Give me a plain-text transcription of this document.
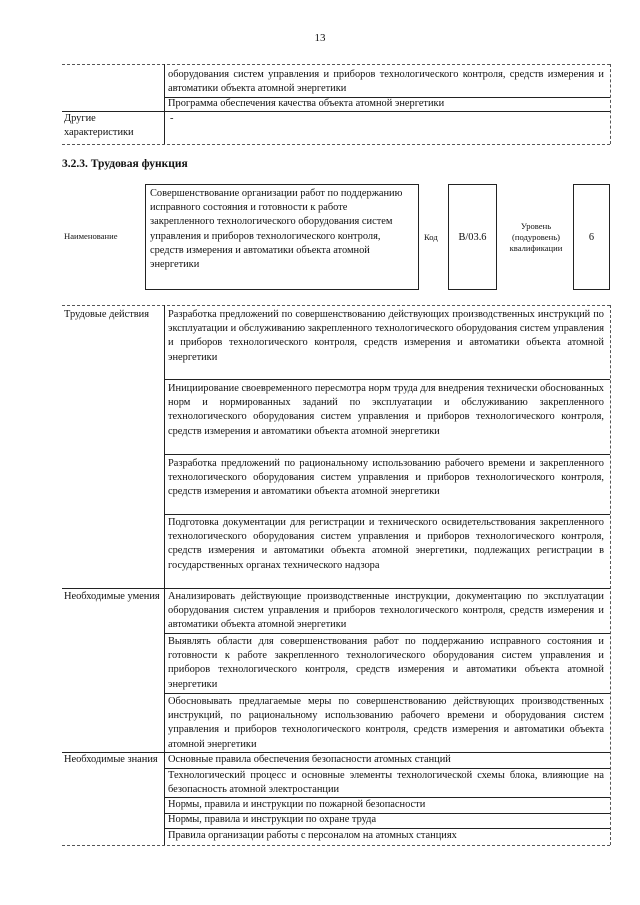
13
оборудования систем управления и приборов технологического контроля, средств измерения и автоматики объекта атомной энергетики
Программа обеспечения качества объекта атомной энергетики
Другие характеристики
-
3.2.3. Трудовая функция
Наименование
Совершенствование организации работ по поддержанию исправного состояния и готовности к работе закрепленного технологического оборудования систем управления и приборов технологического контроля, средств измерения и автоматики объекта атомной энергетики
Код	B/03.6
Уровень (подуровень) квалификации
6
Трудовые действия	Разработка предложений по совершенствованию действующих производственных инструкций по эксплуатации и обслуживанию закрепленного технологического оборудования систем управления и приборов технологического контроля, средств измерения и автоматики объекта атомной энергетики
Инициирование своевременного пересмотра норм труда для внедрения технически обоснованных норм и нормированных заданий по эксплуатации и обслуживанию закрепленного технологического оборудования систем управления и приборов технологического контроля, средств измерения и автоматики объекта атомной энергетики
Разработка предложений по рациональному использованию рабочего времени и закрепленного технологического оборудования систем управления и приборов технологического контроля, средств измерения и автоматики объекта атомной энергетики
Подготовка документации для регистрации и технического освидетельствования закрепленного технологического оборудования систем управления и приборов технологического контроля, средств измерения и автоматики объекта атомной энергетики, подлежащих регистрации в государственных органах технического надзора
Необходимые умения Анализировать действующие производственные инструкции, документацию по эксплуатации оборудования систем управления и приборов технологического контроля, средств измерения и автоматики объекта атомной энергетики
Выявлять области для совершенствования работ по поддержанию исправного состояния и готовности к работе закрепленного технологического оборудования систем управления и приборов технологического контроля, средств измерения и автоматики объекта атомной энергетики
Обосновывать предлагаемые меры по совершенствованию действующих производственных инструкций, по рациональному использованию рабочего времени и оборудования систем управления и приборов технологического контроля, средств измерения и автоматики объекта атомной энергетики
Необходимые знания Основные правила обеспечения безопасности атомных станций
Технологический процесс и основные элементы технологической схемы блока, влияющие на безопасность атомной электростанции
Нормы, правила и инструкции по пожарной безопасности
Нормы, правила и инструкции по охране труда
Правила организации работы с персоналом на атомных станциях
